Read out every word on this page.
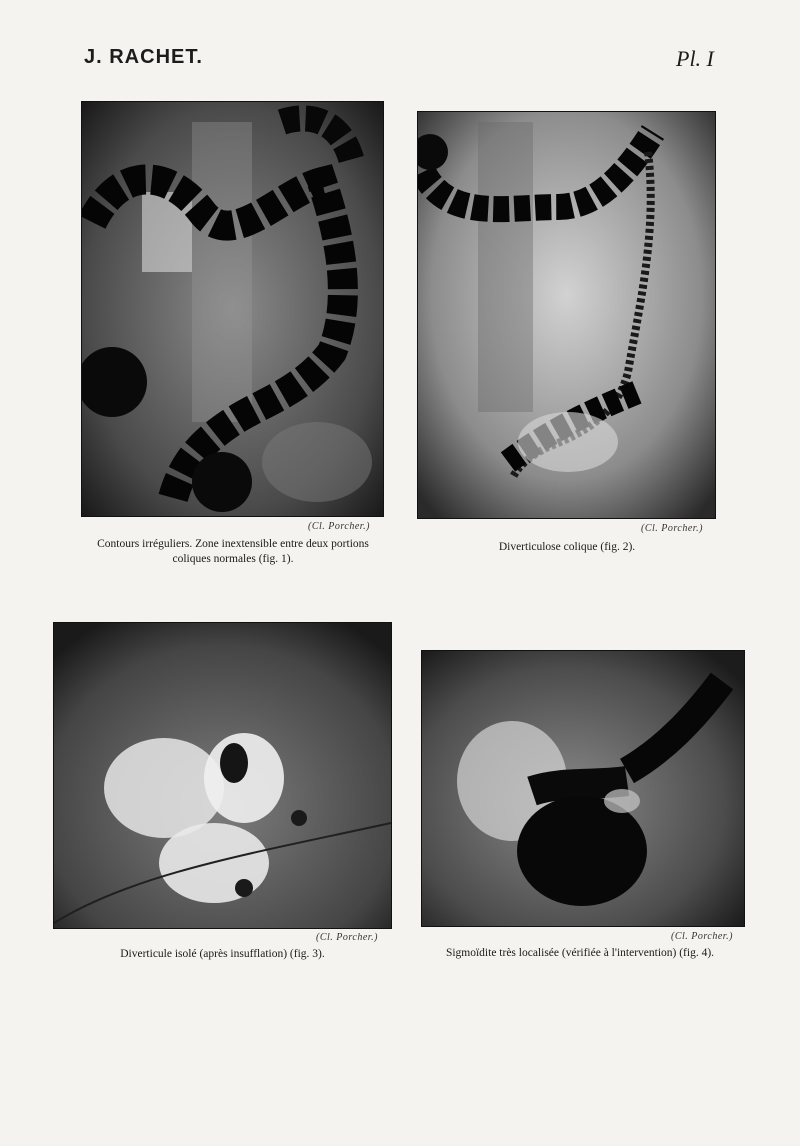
J. RACHET.	Pl. I
(Cl. Porcher.)
Contours irréguliers. Zone inextensible entre deux portions coliques normales (fig. 1).
(Cl. Porcher.)
Diverticulose colique (fig. 2).
(Cl. Porcher.)
Diverticule isolé (après insufflation) (fig. 3).
(Cl. Porcher.)
Sigmoïdite très localisée (vérifiée à l'intervention) (fig. 4).
